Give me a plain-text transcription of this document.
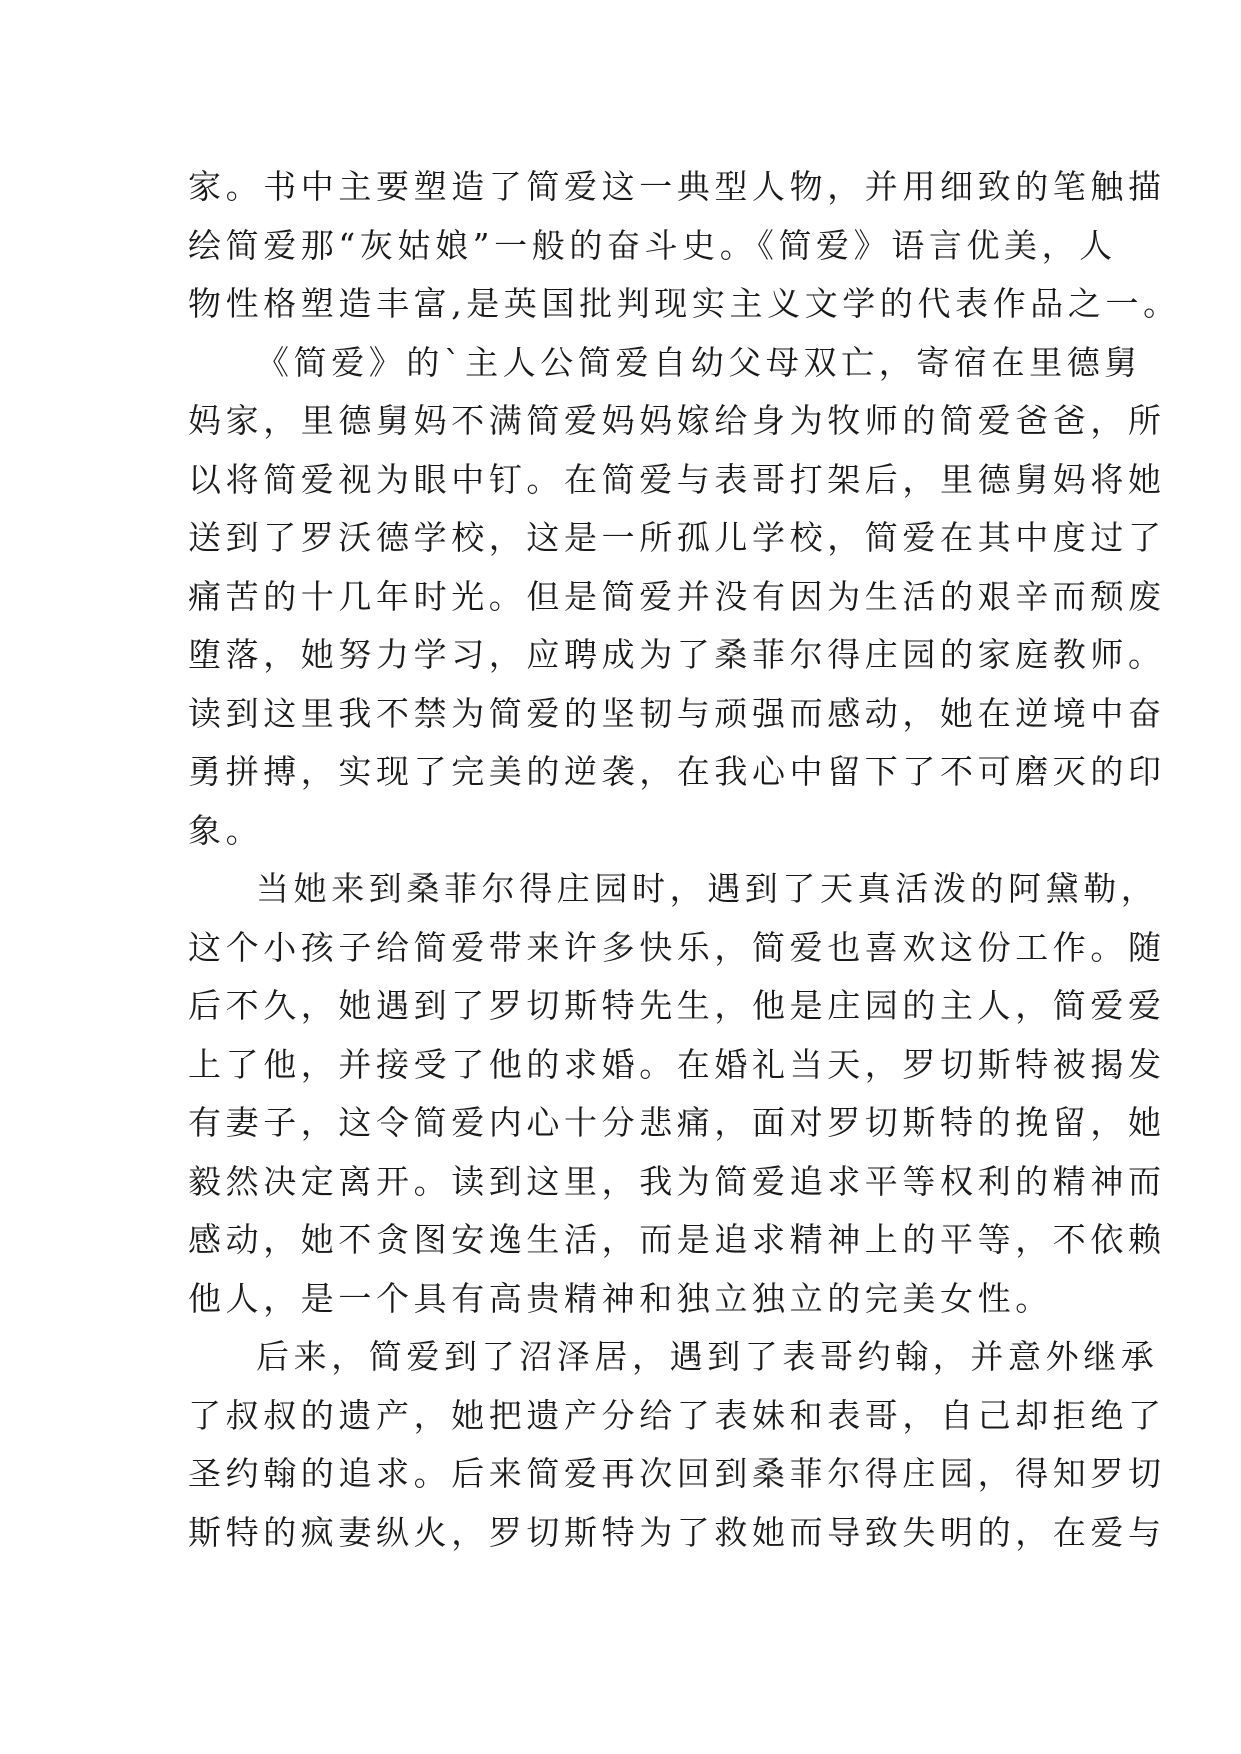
家。书中主要塑造了简爱这一典型人物，并用细致的笔触描
绘简爱那“灰姑娘”一般的奋斗史。《简爱》语言优美，人
物性格塑造丰富,是英国批判现实主义文学的代表作品之一。
《简爱》的`主人公简爱自幼父母双亡，寄宿在里德舅
妈家，里德舅妈不满简爱妈妈嫁给身为牧师的简爱爸爸，所
以将简爱视为眼中钉。在简爱与表哥打架后，里德舅妈将她
送到了罗沃德学校，这是一所孤儿学校，简爱在其中度过了
痛苦的十几年时光。但是简爱并没有因为生活的艰辛而颓废
堕落，她努力学习，应聘成为了桑菲尔得庄园的家庭教师。
读到这里我不禁为简爱的坚韧与顽强而感动，她在逆境中奋
勇拼搏，实现了完美的逆袭，在我心中留下了不可磨灭的印
象。
当她来到桑菲尔得庄园时，遇到了天真活泼的阿黛勒，
这个小孩子给简爱带来许多快乐，简爱也喜欢这份工作。随
后不久，她遇到了罗切斯特先生，他是庄园的主人，简爱爱
上了他，并接受了他的求婚。在婚礼当天，罗切斯特被揭发
有妻子，这令简爱内心十分悲痛，面对罗切斯特的挽留，她
毅然决定离开。读到这里，我为简爱追求平等权利的精神而
感动，她不贪图安逸生活，而是追求精神上的平等，不依赖
他人，是一个具有高贵精神和独立独立的完美女性。
后来，简爱到了沼泽居，遇到了表哥约翰，并意外继承
了叔叔的遗产，她把遗产分给了表妹和表哥，自己却拒绝了
圣约翰的追求。后来简爱再次回到桑菲尔得庄园，得知罗切
斯特的疯妻纵火，罗切斯特为了救她而导致失明的，在爱与
